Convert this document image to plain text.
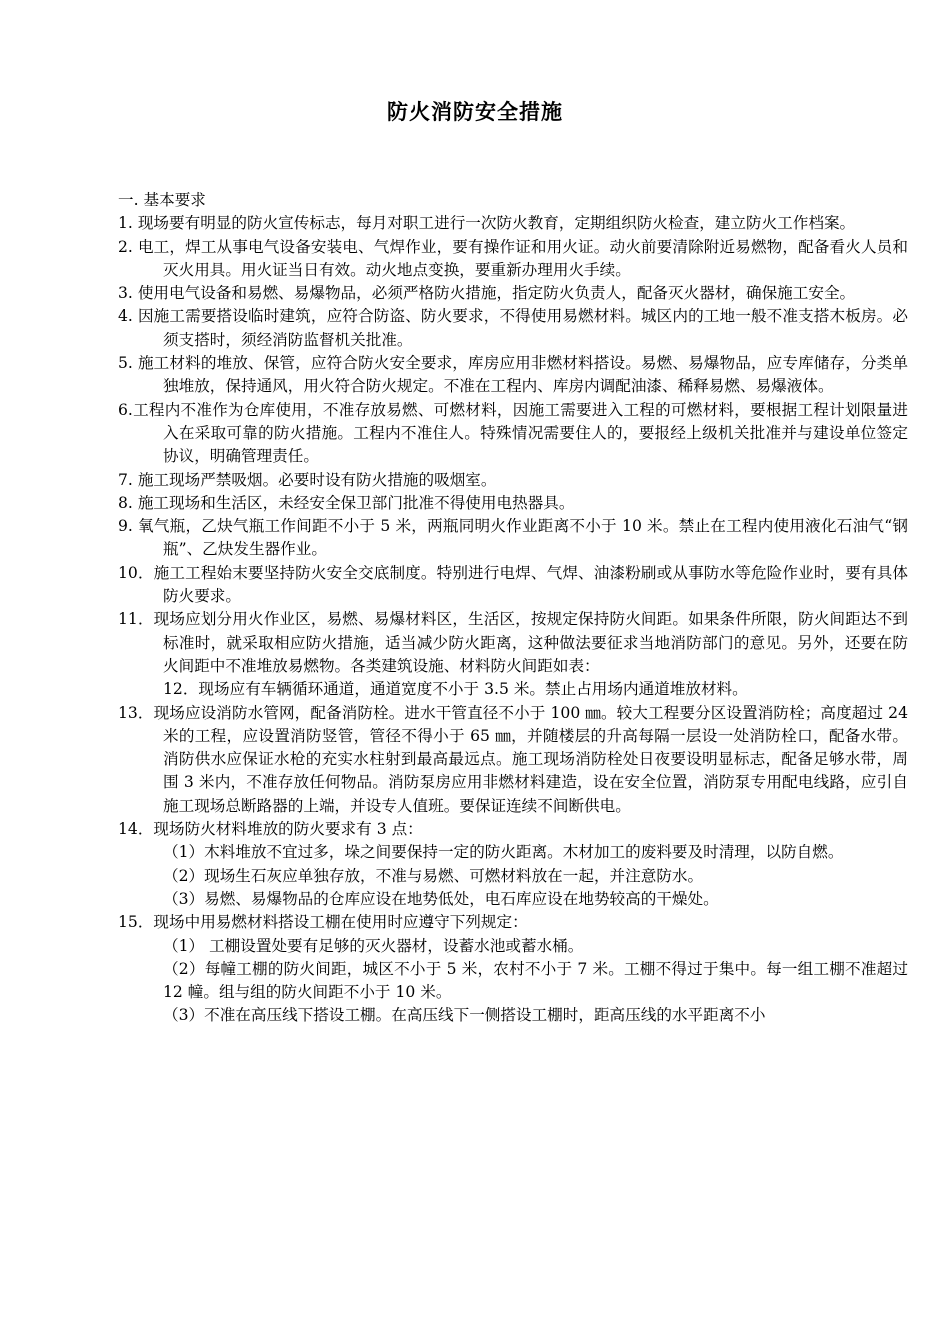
防火消防安全措施

一. 基本要求

1. 现场要有明显的防火宣传标志，每月对职工进行一次防火教育，定期组织防火检查，建立防火工作档案。

2. 电工，焊工从事电气设备安装电、气焊作业，要有操作证和用火证。动火前要清除附近易燃物，配备看火人员和灭火用具。用火证当日有效。动火地点变换，要重新办理用火手续。

3. 使用电气设备和易燃、易爆物品，必须严格防火措施，指定防火负责人，配备灭火器材，确保施工安全。

4. 因施工需要搭设临时建筑，应符合防盗、防火要求，不得使用易燃材料。城区内的工地一般不准支搭木板房。必须支搭时，须经消防监督机关批准。

5. 施工材料的堆放、保管，应符合防火安全要求，库房应用非燃材料搭设。易燃、易爆物品，应专库储存，分类单独堆放，保持通风，用火符合防火规定。不准在工程内、库房内调配油漆、稀释易燃、易爆液体。

6.工程内不准作为仓库使用，不准存放易燃、可燃材料，因施工需要进入工程的可燃材料，要根据工程计划限量进入在采取可靠的防火措施。工程内不准住人。特殊情况需要住人的，要报经上级机关批准并与建设单位签定协议，明确管理责任。

7. 施工现场严禁吸烟。必要时设有防火措施的吸烟室。

8. 施工现场和生活区，未经安全保卫部门批准不得使用电热器具。

9. 氧气瓶，乙炔气瓶工作间距不小于 5 米，两瓶同明火作业距离不小于 10 米。禁止在工程内使用液化石油气“钢瓶”、乙炔发生器作业。

10．施工工程始末要坚持防火安全交底制度。特别进行电焊、气焊、油漆粉刷或从事防水等危险作业时，要有具体防火要求。

11．现场应划分用火作业区，易燃、易爆材料区，生活区，按规定保持防火间距。如果条件所限，防火间距达不到标准时，就采取相应防火措施，适当减少防火距离，这种做法要征求当地消防部门的意见。另外，还要在防火间距中不准堆放易燃物。各类建筑设施、材料防火间距如表：

12．现场应有车辆循环通道，通道宽度不小于 3.5 米。禁止占用场内通道堆放材料。

13．现场应设消防水管网，配备消防栓。进水干管直径不小于 100 ㎜。较大工程要分区设置消防栓；高度超过 24 米的工程，应设置消防竖管，管径不得小于 65 ㎜，并随楼层的升高每隔一层设一处消防栓口，配备水带。消防供水应保证水枪的充实水柱射到最高最远点。施工现场消防栓处日夜要设明显标志，配备足够水带，周围 3 米内，不准存放任何物品。消防泵房应用非燃材料建造，设在安全位置，消防泵专用配电线路，应引自施工现场总断路器的上端，并设专人值班。要保证连续不间断供电。

14．现场防火材料堆放的防火要求有 3 点：

（1）木料堆放不宜过多，垛之间要保持一定的防火距离。木材加工的废料要及时清理，以防自燃。

（2）现场生石灰应单独存放，不准与易燃、可燃材料放在一起，并注意防水。

（3）易燃、易爆物品的仓库应设在地势低处，电石库应设在地势较高的干燥处。

15．现场中用易燃材料搭设工棚在使用时应遵守下列规定：

（1） 工棚设置处要有足够的灭火器材，设蓄水池或蓄水桶。

（2）每幢工棚的防火间距，城区不小于 5 米，农村不小于 7 米。工棚不得过于集中。每一组工棚不准超过 12 幢。组与组的防火间距不小于 10 米。

（3）不准在高压线下搭设工棚。在高压线下一侧搭设工棚时，距高压线的水平距离不小
